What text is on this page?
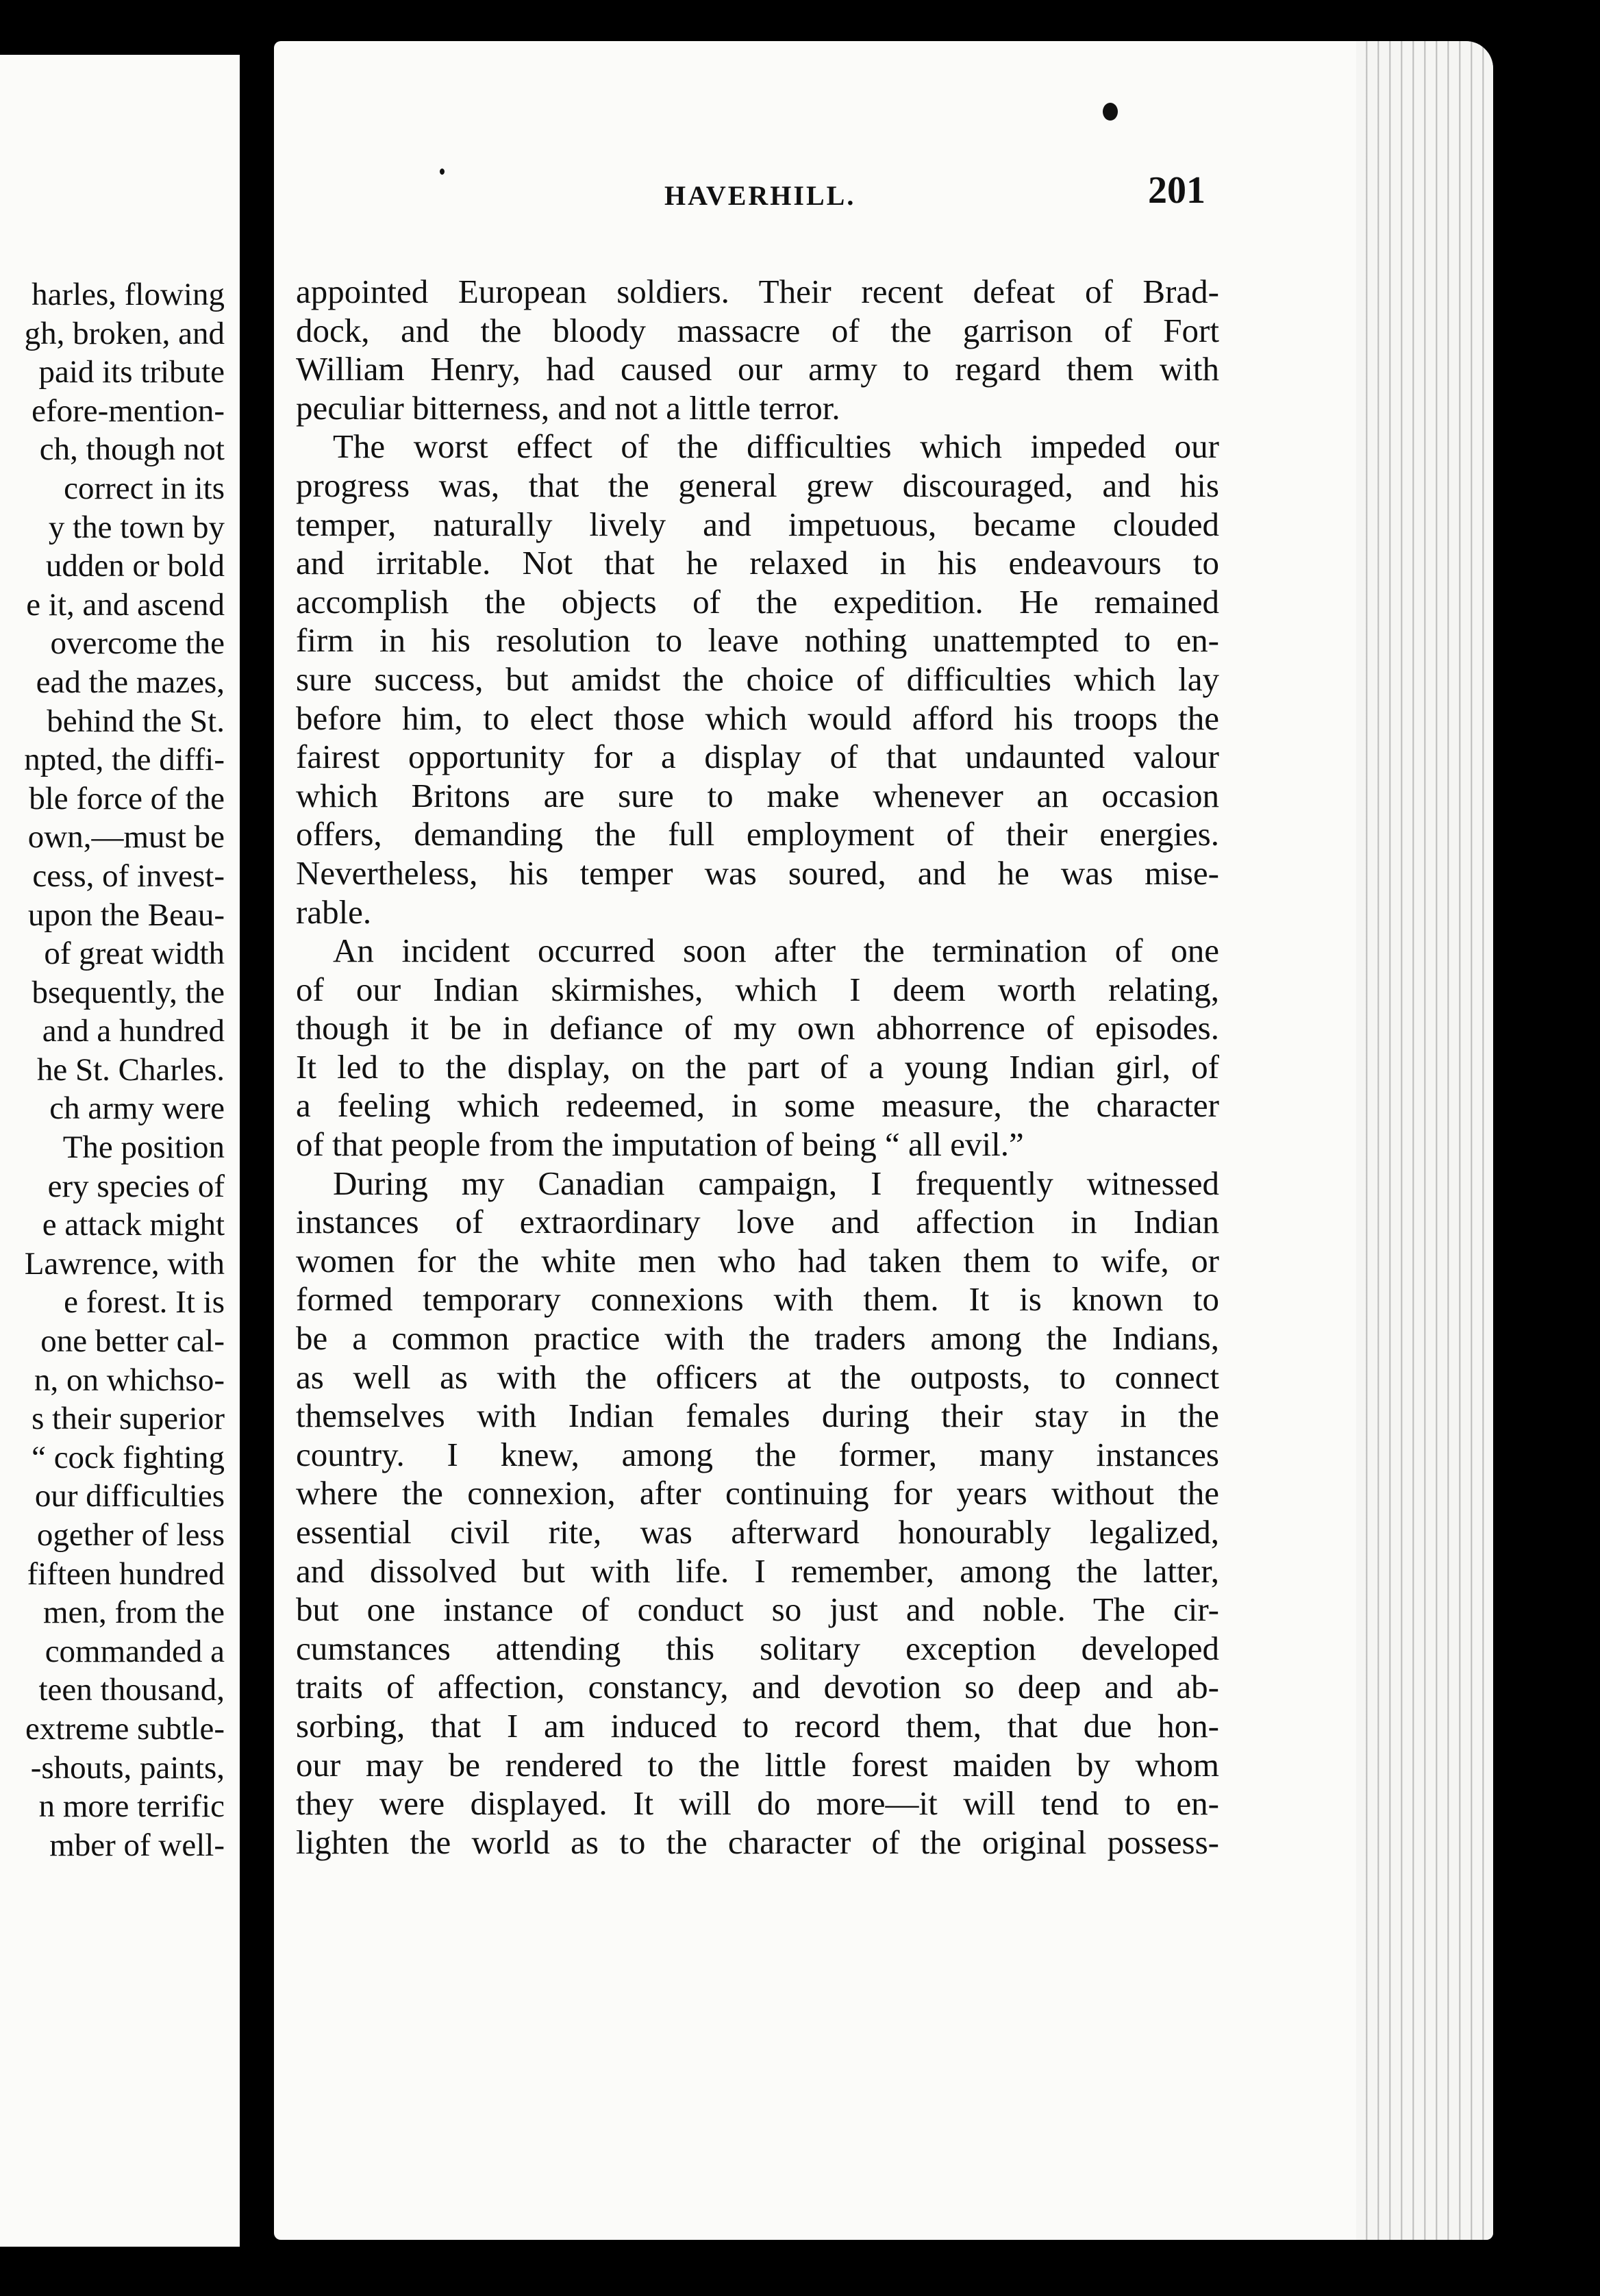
harles, flowing
gh, broken, and
paid its tribute
efore-mention-
ch, though not
correct in its
y the town by
udden or bold
e it, and ascend
overcome the
ead the mazes,
behind the St.
npted, the diffi-
ble force of the
own,—must be
cess, of invest-
upon the Beau-
of great width
bsequently, the
and a hundred
he St. Charles.
ch army were
The position
ery species of
e attack might
Lawrence, with
e forest. It is
one better cal-
n, on whichso-
s their superior
“ cock fighting
our difficulties
ogether of less
fifteen hundred
men, from the
commanded a
teen thousand,
extreme subtle-
-shouts, paints,
n more terrific
mber of well-
HAVERHILL.	201
appointed European soldiers. Their recent defeat of Brad-
dock, and the bloody massacre of the garrison of Fort
William Henry, had caused our army to regard them with
peculiar bitterness, and not a little terror.
The worst effect of the difficulties which impeded our
progress was, that the general grew discouraged, and his
temper, naturally lively and impetuous, became clouded
and irritable. Not that he relaxed in his endeavours to
accomplish the objects of the expedition. He remained
firm in his resolution to leave nothing unattempted to en-
sure success, but amidst the choice of difficulties which lay
before him, to elect those which would afford his troops the
fairest opportunity for a display of that undaunted valour
which Britons are sure to make whenever an occasion
offers, demanding the full employment of their energies.
Nevertheless, his temper was soured, and he was mise-
rable.
An incident occurred soon after the termination of one
of our Indian skirmishes, which I deem worth relating,
though it be in defiance of my own abhorrence of episodes.
It led to the display, on the part of a young Indian girl, of
a feeling which redeemed, in some measure, the character
of that people from the imputation of being “ all evil.”
During my Canadian campaign, I frequently witnessed
instances of extraordinary love and affection in Indian
women for the white men who had taken them to wife, or
formed temporary connexions with them. It is known to
be a common practice with the traders among the Indians,
as well as with the officers at the outposts, to connect
themselves with Indian females during their stay in the
country. I knew, among the former, many instances
where the connexion, after continuing for years without the
essential civil rite, was afterward honourably legalized,
and dissolved but with life. I remember, among the latter,
but one instance of conduct so just and noble. The cir-
cumstances attending this solitary exception developed
traits of affection, constancy, and devotion so deep and ab-
sorbing, that I am induced to record them, that due hon-
our may be rendered to the little forest maiden by whom
they were displayed. It will do more—it will tend to en-
lighten the world as to the character of the original possess-
